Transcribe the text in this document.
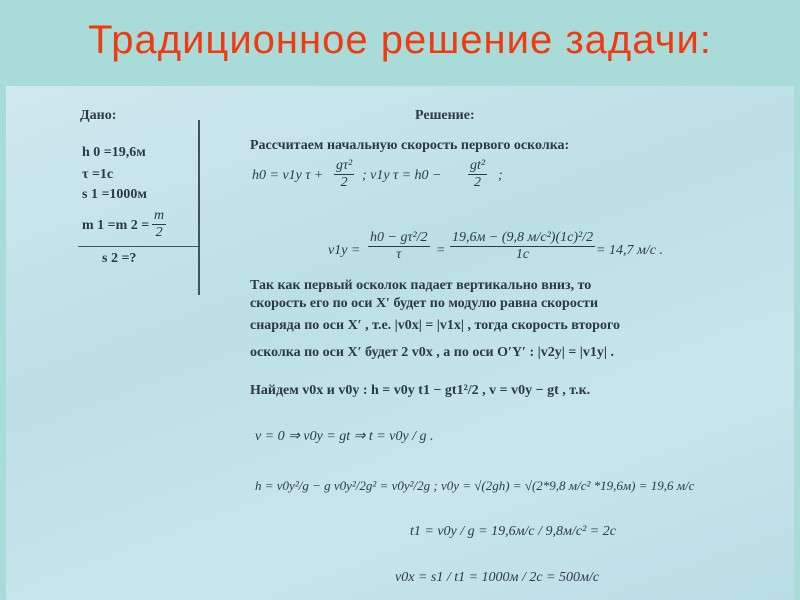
Традиционное решение задачи:
Дано:
h 0 =19,6м
τ =1с
s 1 =1000м
m 1 =m $2 = \frac{m}{2}$
s 2 =?
Решение:
Рассчитаем начальную скорость первого осколка:
h0 = v1y $\tau + \frac{\text{gτ²}}{2}$ ; v1y $\tau = h0 - \frac{\text{gt²}}{2}$ ;
$v1y = \frac{\text{h0 − gτ²/2}}{\tau}$ =
19,6м − (9,8 м/с²)(1с)²/2
1с	= 14,7 м/с .
Так как первый осколок падает вертикально вниз, то
скорость его по оси X′ будет по модулю равна скорости
снаряда по оси X′ , т.е. |v0x| = |v1x| , тогда скорость второго
осколка по оси X′ будет 2 v0x , а по оси O′Y′ : |v2y| = |v1y| .
Найдем v0x и v0y : h = v0y t1 − gt1²/2 , v = v0y − gt , т.к.
v = 0 ⇒ v0y = gt ⇒ t = v0y / g .
h = v0y²/g − g v0y²/2g² = v0y²/2g ; v0y = √(2gh) = √(2*9,8 м/с² *19,6м) = 19,6 м/с
t1 = v0y / g = 19,6м/с / 9,8м/с² = 2с
v0x = s1 / t1 = 1000м / 2с = 500м/с
